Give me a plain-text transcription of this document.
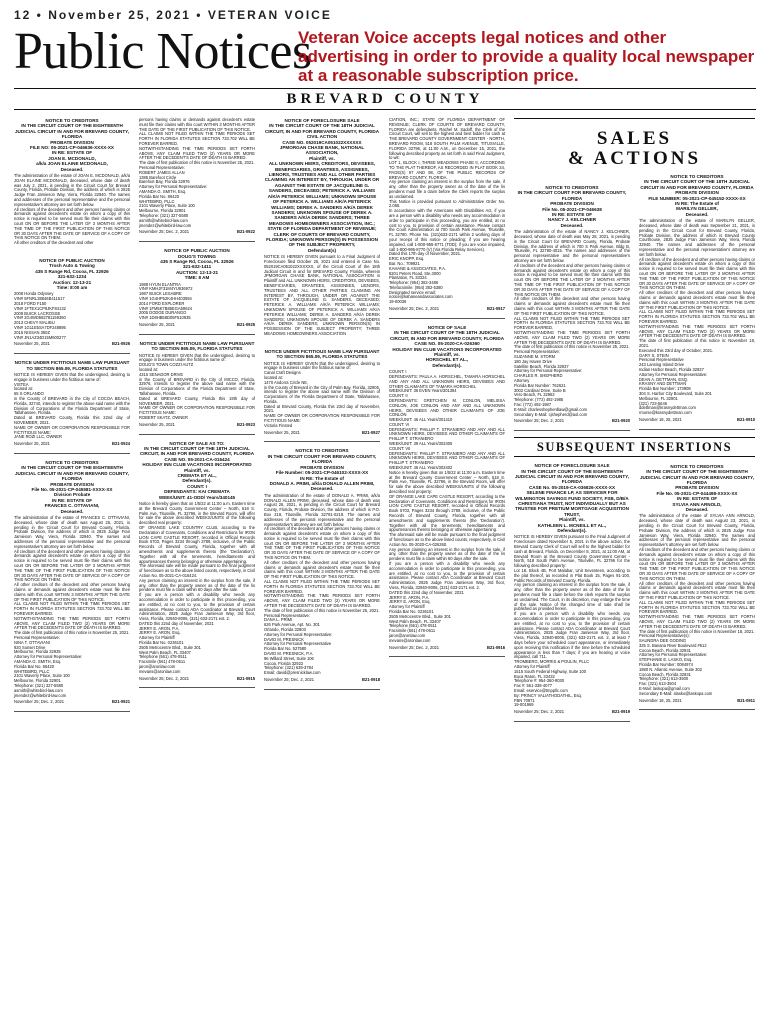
12 • November 25, 2021 • VETERAN VOICE
Public Notices
Veteran Voice accepts legal notices and other advertising in order to provide a quality local newspaper at a reasonable subscription price.
BREVARD COUNTY
NOTICE TO CREDITORS
IN THE CIRCUIT COURT OF THE EIGHTEENTH JUDICIAL CIRCUIT IN AND FOR BREVARD COUNTY, FLORIDA
PROBATE DIVISION
FILE NO: 05-2021-CP-046636-XXXX-XX
IN RE: ESTATE OF
JOAN E. MCDONALD,
a/k/a JOAN ELAINE MCDONALD,
Deceased.
The administration of the estate of JOAN E. MCDONALD, a/k/a JOAN ELAINE MCDONALD, deceased, whose date of death was July 2, 2021, is pending in the Circuit Court for Brevard County, Florida, Probate Division, the address of which is 2825 Judge Fran Jamieson Way, Viera, Florida 32940. The names and addresses of the personal representative and the personal representative's attorney are set forth below.
All creditors of the decedent and other persons having claims or demands against decedent's estate on whom a copy of this notice is required to be served must file their claims with this court ON OR BEFORE THE LATER OF 3 MONTHS AFTER THE TIME OF THE FIRST PUBLICATION OF THIS NOTICE OR 30 DAYS AFTER THE DATE OF SERVICE OF A COPY OF THIS NOTICE ON THEM.
All other creditors of the decedent and other
NOTICE OF PUBLIC AUCTION
Trosh Auto & Towing
435 S Range Rd, Cocoa, FL 32926
321-632-1234
Auction: 12-13-21
Time: 8:00 am
2008 Honda Odyssey
VIN# 5FNRL38846B411517
2018 FORD F150
VIN# 1FTEX1CP8JKF84132
2008 BUICK LACROSSE
VIN# 2G4WD582781159360
2013 CHEVY MALIBU
VIN# 1G11E5SA7DF248895
2015 NISSAN 350Z
VIN# JN1AZ34D15M600277
November 25, 2021	B21-0926
NOTICE UNDER FICTITIOUS NAME LAW PURSUANT TO SECTION 865.09, FLORIDA STATUTES
NOTICE IS HEREBY GIVEN that the undersigned, desiring to engage in business under the fictitious name of:
VISTEA
located at:
65 S ORLANDO
in the County of BREVARD in the City of COCOA BEACH, Florida, 32740, intends to register the above said name with the Division of Corporations of the Florida Department of State, Tallahassee, Florida.
Dated at BREVARD County, Florida this 22nd day of NOVEMBER, 2021.
NAME OF OWNER OR CORPORATION RESPONSIBLE FOR FICTITIOUS NAME:
JANE ROZI LLC, OWNER
November 25, 2021	B21-0924
NOTICE TO CREDITORS
IN THE CIRCUIT COURT OF THE EIGHTEENTH JUDICIAL CIRCUIT IN AND FOR BREVARD COUNTY, FLORIDA
PROBATE DIVISION
File No. 05-2021-CP-045581-XXXX-XX
Division Probate
IN RE: ESTATE OF
FRANCES C. OTTAVIANI,
Deceased.
The administration of the estate of FRANCES C. OTTAVIANI, deceased, whose date of death was August 25, 2021, is pending in the Circuit Court for Brevard County, Florida, Probate Division, the address of which is 2825 Judge Fran Jamieson Way, Viera, Florida 32940. The names and addresses of the personal representative and the personal representative's attorney are set forth below.
All creditors of the decedent and other persons having claims or demands against decedent's estate on whom a copy of this notice is required to be served must file their claims with this court ON OR BEFORE THE LATER OF 3 MONTHS AFTER THE TIME OF THE FIRST PUBLICATION OF THIS NOTICE OR 30 DAYS AFTER THE DATE OF SERVICE OF A COPY OF THIS NOTICE ON THEM.
All other creditors of the decedent and other persons having claims or demands against decedent's estate must file their claims with this court WITHIN 3 MONTHS AFTER THE DATE OF THE FIRST PUBLICATION OF THIS NOTICE.
ALL CLAIMS NOT FILED WITHIN THE TIME PERIODS SET FORTH IN FLORIDA STATUTES SECTION 733.702 WILL BE FOREVER BARRED.
NOTWITHSTANDING THE TIME PERIODS SET FORTH ABOVE, ANY CLAIM FILED TWO (2) YEARS OR MORE AFTER THE DECEDENT'S DATE OF DEATH IS BARRED.
The date of first publication of this notice is November 25, 2021.
Personal Representative:
NINA T. OTTAVIANI
920 Sunset Drive
Melbourne, Florida 32935
Attorney for Personal Representative:
AMANDA G. SMITH, Esq.
Florida Bar No. 86420
WHITEBIRD, PLLC
2101 Waverly Place, Suite 100
Melbourne, Florida 32901
Telephone: (321) 327-5580
asmith@whitebird-law.com
jmendez@whitebird-law.com
November 25; Dec. 2, 2021	B21-0921
persons having claims or demands against decedent's estate must file their claims with this court WITHIN 3 MONTHS AFTER THE DATE OF THE FIRST PUBLICATION OF THIS NOTICE.
ALL CLAIMS NOT FILED WITHIN THE TIME PERIODS SET FORTH IN FLORIDA STATUTES SECTION 733.702 WILL BE FOREVER BARRED.
NOTWITHSTANDING THE TIME PERIODS SET FORTH ABOVE, ANY CLAIM FILED TWO (2) YEARS OR MORE AFTER THE DECEDENT'S DATE OF DEATH IS BARRED.
The date of first publication of this notice is November 25, 2021.
Personal Representative:
ROBERT JAMES ALLAN
1385 Barefoot Circle
Barefoot Bay, Florida 32976
Attorney for Personal Representative:
AMANDA G. SMITH, Esq.
Florida Bar No. 86420
WHITEBIRD, PLLC
2101 Waverly Place, Suite 100
Melbourne, Florida 32901
Telephone: (321) 327-5580
asmith@whitebird-law.com
jmendez@whitebird-law.com
November 25; Dec. 2, 2021	B21-0922
NOTICE OF PUBLIC AUCTION
DOUG'S TOWING
435 S Range Rd, Cocoa, FL 32926
321-632-1411
AUCTION: 12-13-21
TIME: 8 AM
1988 HYUN ELANTRA
VIN# KMHJF31M4YU936972
1987 BUICK LESABRE
VIN# 1G4HP52K4HH403594
2014 FORD EXPLORER
VIN# 1FM5K7B85EGA59624
2005 DODGE DURANGO
VIN# 1D8HB58D05F510935
November 25, 2021	B21-0925
NOTICE UNDER FICTITIOUS NAME LAW PURSUANT TO SECTION 865.09, FLORIDA STATUTES
NOTICE IS HEREBY GIVEN that the undersigned, desiring to engage in business under the fictitious name of:
DOUG'S TOWN COZZI AUTZ
located at:
4315 SENADOR DRIVE
in the County of BREVARD in the City of MICCO, Florida, 32976, intends to register the above said name with the Division of Corporations of the Florida Department of State, Tallahassee, Florida.
Dated at BREVARD County, Florida this 19th day of NOVEMBER, 2021.
NAME OF OWNER OR CORPORATION RESPONSIBLE FOR FICTITIOUS NAME:
ROBERT SKATZ, OWNER
November 25, 2021	B21-0923
NOTICE OF SALE AS TO:
IN THE CIRCUIT COURT OF THE 18TH JUDICIAL CIRCUIT, IN AND FOR BREVARD COUNTY, FLORIDA
CASE NO. 05-2021-CA-016424
HOLIDAY INN CLUB VACATIONS INCORPORATED
Plaintiff, vs.
CREMATA ET AL.,
Defendant(s).
COUNT: I
DEFENDANTS: KAI CREMATA
WEEK/UNIT: 41-ODD/ Years/340145
Notice is hereby given that on 1/5/22 at 11:00 a.m. Eastern time at the Brevard County Government Center – North, 518 S. Palm Ave, Titusville, FL 32796, in the Brevard Room, will offer for sale the above described WEEKS/UNITS of the following described real property:
OF ORANGE LAKE COUNTRY CLUB, according to the Declaration of Covenants, Conditions and Restrictions for IRON LION CAPE CASTLE RESORT, recorded in Official Records Book 5703, Pages 3234 through 3789, inclusive, of the Public Records of Brevard County, Florida, together with all amendments and supplements thereto (the 'Declaration'). Together with all the tenements, hereditaments and appurtenances thereto belonging or otherwise appertaining.
The aforesaid sale will be made pursuant to the final judgment of foreclosure as to the above listed counts, respectively, in Civil Action No. 05-2021-CA-016424.
Any person claiming an interest in the surplus from the sale, if any, other than the property owner as of the date of the lis pendens must file a claim within 60 days after the sale.
If you are a person with a disability who needs any accommodation in order to participate in this proceeding, you are entitled, at no cost to you, to the provision of certain assistance. Please contact ADA Coordinator at Brevard Court Administration, 2825 Judge Fran Jamieson Way, 3rd floor, Viera, Florida, 32940-8006, (321) 633-2171 ext. 2.
DATED this 22nd day of November, 2021
JERRY E. ARON, P.A.
JERRY E. ARON, Esq.
Attorney for Plaintiff
Florida Bar No. 0236101
2505 Metrocentre Blvd., Suite 301
West Palm Beach, FL 33407
Telephone (561) 478-0511
Facsimile (561) 478-0611
jaron@aronlaw.com
mevans@aronlaw.com
November 25; Dec. 2, 2021	B21-0915
NOTICE OF FORECLOSURE SALE
IN THE CIRCUIT COURT OF THE 18TH JUDICIAL CIRCUIT, IN AND FOR BREVARD COUNTY, FLORIDA
CIVIL ACTION
CASE NO. 052019CA051022XXXXXX
JPMORGAN CHASE BANK, NATIONAL ASSOCIATION,
Plaintiff, vs.
ALL UNKNOWN HEIRS, CREDITORS, DEVISEES, BENEFICIARIES, GRANTEES, ASSIGNEES, LIENORS, TRUSTEES AND ALL OTHER PARTIES CLAIMING AN INTEREST BY, THROUGH, UNDER OR AGAINST THE ESTATE OF JACQUELINE G. SANDERS, DECEASED; PETERICK A. WILLIAMS A/K/A PETERICK WILLIAMS; UNKNOWN SPOUSE OF PETERICK A. WILLIAMS A/K/A PETERICK WILLIAMS; DEREK A. SANDERS A/K/A DEREK SANDERS; UNKNOWN SPOUSE OF DEREK A. SANDERS A/K/A DEREK SANDERS; THREE MEADOWS HOMEOWNERS ASSOCIATION, INC.; STATE OF FLORIDA DEPARTMENT OF REVENUE; CLERK OF COURTS OF BREVARD COUNTY, FLORIDA; UNKNOWN PERSON(S) IN POSSESSION OF THE SUBJECT PROPERTY,
Defendant(s)
NOTICE IS HEREBY GIVEN pursuant to a Final Judgment of Foreclosure filed October 25, 2021 and entered in Case No. 052019CA051022XXXXXX, of the Circuit Court of the 18th Judicial Circuit in and for BREVARD County, Florida, wherein JPMORGAN CHASE BANK, NATIONAL ASSOCIATION is Plaintiff and ALL UNKNOWN HEIRS, CREDITORS, DEVISEES, BENEFICIARIES, GRANTEES, ASSIGNEES, LIENORS, TRUSTEES AND ALL OTHER PARTIES CLAIMING AN INTEREST BY, THROUGH, UNDER OR AGAINST THE ESTATE OF JACQUELINE G. SANDERS, DECEASED; PETERICK A. WILLIAMS A/K/A PETERICK WILLIAMS; UNKNOWN SPOUSE OF PETERICK A. WILLIAMS A/K/A PETERICK WILLIAMS; DEREK A. SANDERS A/K/A DEREK SANDERS; UNKNOWN SPOUSE OF DEREK A. SANDERS A/K/A DEREK SANDERS; UNKNOWN PERSON(S) IN POSSESSION OF THE SUBJECT PROPERTY; THREE MEADOWS HOMEOWNERS ASSOCIATION
NOTICE UNDER FICTITIOUS NAME LAW PURSUANT TO SECTION 865.09, FLORIDA STATUTES
NOTICE IS HEREBY GIVEN that the undersigned, desiring to engage in business under the fictitious name of:
Canal Craft Designs
located at:
1470 Andorra Circle NE,
in the County of Brevard in the City of Palm Bay, Florida, 32905, intends to register the above said name with the Division of Corporations of the Florida Department of State, Tallahassee, Florida.
Dated at Brevard County, Florida this 23rd day of November, 2021.
NAME OF OWNER OR CORPORATION RESPONSIBLE FOR FICTITIOUS NAME:
Victoria Finsted
November 25, 2021	B21-0927
NOTICE TO CREDITORS
IN THE CIRCUIT COURT FOR BREVARD COUNTY, FLORIDA
PROBATE DIVISION
File Number: 05-2021-CP-046102-XXXX-XX
IN RE: The Estate of
DONALD A. PRIMI, a/k/a DONALD ALLEN PRIMI,
Deceased.
The administration of the estate of DONALD A. PRIMI, a/k/a DONALD ALLEN PRIMI, deceased, whose date of death was August 26, 2021, is pending in the Circuit Court for Brevard County, Florida, Probate Division, the address of which is P.O. Box 219, Titusville, Florida 32781-0219. The names and addresses of the personal representative and the personal representative's attorney are set forth below.
All creditors of the decedent and other persons having claims or demands against decedent's estate on whom a copy of this notice is required to be served must file their claims with this court ON OR BEFORE THE LATER OF 3 MONTHS AFTER THE TIME OF THE FIRST PUBLICATION OF THIS NOTICE OR 30 DAYS AFTER THE DATE OF SERVICE OF A COPY OF THIS NOTICE ON THEM.
All other creditors of the decedent and other persons having claims or demands against decedent's estate must file their claims with this court WITHIN 3 MONTHS AFTER THE DATE OF THE FIRST PUBLICATION OF THIS NOTICE.
ALL CLAIMS NOT FILED WITHIN THE TIME PERIODS SET FORTH IN FLORIDA STATUTES SECTION 733.702 WILL BE FOREVER BARRED.
NOTWITHSTANDING THE TIME PERIODS SET FORTH ABOVE, ANY CLAIM FILED TWO (2) YEARS OR MORE AFTER THE DECEDENT'S DATE OF DEATH IS BARRED.
The date of first publication of this notice is November 25, 2021.
Personal Representative:
DANA L. PRIMI
626 Park Avenue, Apt. No. 301
Orlando, Florida 32803
Attorney for Personal Representative:
DAVID M. PRESNICK
Attorney for Personal Representative
Florida Bar No. 527580
DAVID M. PRESNICK, P.A.
96 Willard Street, Suite 106
Cocoa, Florida 32922
Telephone: (321) 639-3784
Email: david@presnicklaw.com
November 25; Dec. 2, 2021	B21-0918
CIATION, INC.; STATE OF FLORIDA DEPARTMENT OF REVENUE; CLERK OF COURTS OF BREVARD COUNTY, FLORIDA are defendants. Rachel M. Sadoff, the Clerk of the Circuit Court, will sell to the highest and best bidder for cash at THE BREVARD COUNTY GOVERNMENT CENTER - NORTH, BREVARD ROOM, 518 SOUTH PALM AVENUE, TITUSVILLE, FLORIDA 32796, at 11:00 A.M., on December 15, 2021, the following described property as set forth in said Final Judgment, to wit:
LOT 1, BLOCK I, THREE MEADOWS PHASE II, ACCORDING TO THE PLAT THEREOF, AS RECORDED IN PLAT BOOK 34, PAGE(S) 97 AND 98, OF THE PUBLIC RECORDS OF BREVARD COUNTY, FLORIDA.
Any person claiming an interest in the surplus from the sale, if any, other than the property owner as of the date of the lis pendens must file a claim before the Clerk reports the surplus as unclaimed.
This Notice is provided pursuant to Administrative Order No. 2.065.
In accordance with the Americans with Disabilities Act, if you are a person with a disability who needs any accommodation in order to participate in this proceeding, you are entitled, at no cost to you, to provision of certain assistance. Please contact the Court Administration at 700 South Park Avenue, Titusville, FL 32780. Phone No. (321)633-2171 within 2 working days of your receipt of this notice or pleading; if you are hearing impaired, call 1-800-955-8771 (TDD); if you are voice impaired, call 1-800-995-8770 (V) (Via Florida Relay Services).
Dated this 17th day of November, 2021.
ERIC KNOPP, Esq.
Bar. No.: 709921
KAHANE & ASSOCIATES, P.A.
8201 Peters Road, Ste.3000
Plantation, FL 33324
Telephone: (954) 382-3486
Telefacsimile: (954) 382-5380
Designated service email:
notice@kahaneandassociates.com
19-00036
November 25; Dec. 2, 2021	B21-0917
NOTICE OF SALE
IN THE CIRCUIT COURT OF THE 18TH JUDICIAL CIRCUIT, IN AND FOR BREVARD COUNTY, FLORIDA
CASE NO. 05-2020-CA-026360
HOLIDAY INN CLUB VACATIONS INCORPORATED
Plaintiff, vs.
HORSCHEL ET AL.,
Defendant(s).
COUNT: I
DEFENDANTS: PAULA A. HORSCHEL, TAMARA HORSCHEL AND ANY AND ALL UNKNOWN HEIRS, DEVISEES AND OTHER CLAIMANTS OF TAMARA HORSCHEL
WEEK/UNIT: 36 EVEN Years/301384
COUNT: II
DEFENDANTS: GRETCHEN M. CONLON, MELISSA CONLON, JOE CONLON AND ANY AND ALL UNKNOWN HEIRS, DEVISEES AND OTHER CLAIMANTS OF JOE CONLON
WEEK/UNIT: 46 ALL Years/301410
COUNT: VI
DEFENDANTS: PHILLIP T. STRANIERO AND ANY AND ALL UNKNOWN HEIRS, DEVISEES AND OTHER CLAIMANTS OF PHILLIP T. STRANIERO
WEEK/UNIT: 39 ALL Years/302405
COUNT: VII
DEFENDANTS: PHILLIP T. STRANIERO AND ANY AND ALL UNKNOWN HEIRS, DEVISEES AND OTHER CLAIMANTS OF PHILLIP T. STRANIERO
WEEK/UNIT: 46 ALL Years/302402
Notice is hereby given that on 1/5/22 at 11:00 a.m. Eastern time at the Brevard County Government Center – North, 518 S. Palm Ave, Titusville, FL 32796, in the Brevard Room, will offer for sale the above described WEEKS/UNITS of the following described real property:
OF ORANGE LAKE CAPE CASTLE RESORT, according to the Declaration of Covenants, Conditions and Restrictions for IRON LION CAPE CASTLE RESORT, recorded in Official Records Book 5703, Pages 3234 through 3789, inclusive, of the Public Records of Brevard County, Florida, together with all amendments and supplements thereto (the 'Declaration'). Together with all the tenements, hereditaments and appurtenances thereto belonging or otherwise appertaining.
The aforesaid sale will be made pursuant to the final judgment of foreclosure as to the above listed counts, respectively, in Civil Action No. 05-2020-CA-026360.
Any person claiming an interest in the surplus from the sale, if any, other than the property owner as of the date of the lis pendens must file a claim within 60 days after the sale.
If you are a person with a disability who needs any accommodation in order to participate in this proceeding, you are entitled, at no cost to you, to the provision of certain assistance. Please contact ADA Coordinator at Brevard Court Administration, 2825 Judge Fran Jamieson Way, 3rd floor, Viera, Florida, 32940-8006, (321) 633-2171 ext. 2.
DATED this 22nd day of November, 2021
JERRY E. ARON, P.A.
JERRY E. ARON, Esq.
Attorney for Plaintiff
Florida Bar No. 0236101
2505 Metrocentre Blvd., Suite 301
West Palm Beach, FL 33407
Telephone (561) 478-0511
Facsimile (561) 478-0611
jaron@aronlaw.com
mevans@aronlaw.com
November 25; Dec. 2, 2021	B21-0916
SALES
& ACTIONS
NOTICE TO CREDITORS
IN THE CIRCUIT COURT FOR BREVARD COUNTY, FLORIDA
PROBATE DIVISION
File No. 05-2021-CP-046638
IN RE: ESTATE OF
NANCY J. KELCHNER
Deceased.
The administration of the estate of NANCY J. KELCHNER, deceased, whose date of death was May 28, 2021, is pending in the Circuit Court for BREVARD County, Florida, Probate Division, the address of which is 700 S Park Avenue, Bldg B, Titusville, FL 32780-4015. The names and addresses of the personal representative and the personal representative's attorney are set forth below.
All creditors of the decedent and other persons having claims or demands against decedent's estate on whom a copy of this notice is required to be served must file their claims with this court ON OR BEFORE THE LATER OF 3 MONTHS AFTER THE TIME OF THE FIRST PUBLICATION OF THIS NOTICE OR 30 DAYS AFTER THE DATE OF SERVICE OF A COPY OF THIS NOTICE ON THEM.
All other creditors of the decedent and other persons having claims or demands against decedent's estate must file their claims with this court WITHIN 3 MONTHS AFTER THE DATE OF THE FIRST PUBLICATION OF THIS NOTICE.
ALL CLAIMS NOT FILED WITHIN THE TIME PERIODS SET FORTH IN FLORIDA STATUTES SECTION 733.702 WILL BE FOREVER BARRED.
NOTWITHSTANDING THE TIME PERIODS SET FORTH ABOVE, ANY CLAIM FILED TWO (2) YEARS OR MORE AFTER THE DECEDENT'S DATE OF DEATH IS BARRED.
The date of first publication of this notice is November 25, 2021.
Personal Representative:
SUZANNE M. STORM
180 Jay Haven Drive
Satellite Beach, Florida 32937
Attorney for Personal Representative:
CHARLES R. SHEPHERD
Attorney
Florida Bar Number: 762621
3002 Cardinal Drive, Suite B
Vero Beach, FL 32963
Telephone: (772) 492-1985
Fax: (772) 492-1987
E-Mail: charlesshepherdlaw@gmail.com
Secondary E-Mail: cjshepherd@aol.com
November 25; Dec. 2, 2021	B21-0920
SUBSEQUENT INSERTIONS
NOTICE OF FORECLOSURE SALE
IN THE CIRCUIT COURT OF THE EIGHTEENTH JUDICIAL CIRCUIT IN AND FOR BREVARD COUNTY, FLORIDA
CASE No. 05-2019-CA-036826-XXXX-XX
SELENE FINANCE LP, AS SERVICER FOR WILMINGTON SAVINGS FUND SOCIETY, FSB, D/B/A CHRISTIANA TRUST, NOT INDIVIDUALLY BUT AS TRUSTEE FOR PRETIUM MORTGAGE ACQUISITION TRUST,
Plaintiff, vs.
KATHLEEN L. MCNEILL ET AL.,
Defendant(s).
NOTICE IS HEREBY GIVEN pursuant to the Final Judgment of Foreclosure dated November 5, 2021 in the above action, the Brevard County Clerk of Court will sell to the highest bidder for cash at Brevard, Florida, on December 8, 2021, at 11:00 AM, at Brevard Room at the Brevard County Government Center - North, 518 South Palm Avenue, Titusville, FL 32796 for the following described property:
Lot 18, Block 4B, Port Malabar, Unit Seventeen, according to the plat thereof, as recorded in Plat Book 15, Pages 91-100, Public Records of Brevard County, Florida.
Any person claiming an interest in the surplus from the sale, if any, other than the property owner as of the date of the lis pendens must file a claim before the clerk reports the surplus as unclaimed. The Court, in its discretion, may enlarge the time of the sale. Notice of the changed time of sale shall be published as provided herein.
If you are a person with a disability who needs any accommodation in order to participate in this proceeding, you are entitled, at no cost to you, to the provision of certain assistance. Please contact ADA Coordinator at Brevard Court Administration, 2825 Judge Fran Jamieson Way, 3rd floor, Viera, Florida, 32940-8006, (321) 633-2171 ext. 2, at least 7 days before your scheduled court appearance, or immediately upon receiving this notification if the time before the scheduled appearance is less than 7 days; if you are hearing or voice impaired, call 711.
TROMBERG, MORRIS & POULIN, PLLC
Attorney for Plaintiff
1515 South Federal Highway, Suite 100
Boca Raton, FL 33432
Telephone #: 954-360-9030
Fax #: 561-338-4077
Email: eservice@tmppllc.com
By: PRINCY VALIATHODATHIL, Esq.
FBN 70971
19-001969
November 25; Dec. 2, 2021	B21-0919
NOTICE TO CREDITORS
IN THE CIRCUIT COURT OF THE 18TH JUDICIAL CIRCUIT IN AND FOR BREVARD COUNTY, FLORIDA
PROBATE DIVISION
FILE NUMBER: 05-2021-CP-045152-XXXX-XX
IN RE: The Estate of
MARILYN GELLER,
Deceased.
The administration of the estate of MARILYN GELLER, deceased, whose date of death was September 21, 2021, is pending in the Circuit Court for Brevard County, Florida, Probate Division, the address of which is Brevard County Courthouse, 2825 Judge Fran Jamieson Way, Viera, Florida 32940. The names and addresses of the personal representative and the personal representative's attorney are set forth below.
All creditors of the decedent and other persons having claims or demands against decedent's estate on whom a copy of this notice is required to be served must file their claims with this court ON OR BEFORE THE LATER OF 3 MONTHS AFTER THE TIME OF THE FIRST PUBLICATION OF THIS NOTICE OR 30 DAYS AFTER THE DATE OF SERVICE OF A COPY OF THIS NOTICE ON THEM.
All other creditors of the decedent and other persons having claims or demands against decedent's estate must file their claims with this court WITHIN 3 MONTHS AFTER THE DATE OF THE FIRST PUBLICATION OF THIS NOTICE.
ALL CLAIMS NOT FILED WITHIN THE TIME PERIODS SET FORTH IN FLORIDA STATUTES SECTION 733.702 WILL BE FOREVER BARRED.
NOTWITHSTANDING THE TIME PERIODS SET FORTH ABOVE, ANY CLAIM FILED TWO (2) YEARS OR MORE AFTER THE DECEDENT'S DATE OF DEATH IS BARRED.
The date of first publication of this notice is: November 18, 2021.
Executed this 23rd day of October, 2021.
GARY S. STEIN
Personal Representative
243 Lansing Island Drive
Indian Harbor Beach, Florida 32937
Attorney for Personal Representative:
DEAN A. DETTMAN, ESQ.
KRASNY AND DETTMAN
Florida Bar Number: 173908
304 S. Harbor City Boulevard, Suite 201
Melbourne, FL 32901
(321) 723-5646
ddettman@krasnydettman.com
rmorse@krasnydettman.com
November 18, 25, 2021	B21-0910
NOTICE TO CREDITORS
IN THE CIRCUIT COURT OF THE EIGHTEENTH JUDICIAL CIRCUIT IN AND FOR BREVARD COUNTY, FLORIDA
PROBATE DIVISION
File No. 05-2021-CP-044498-XXXX-XX
IN RE: ESTATE OF
SYLVIA ANN ARNOLD,
Deceased.
The administration of the estate of SYLVIA ANN ARNOLD, deceased, whose date of death was August 23, 2021, is pending in the Circuit Court for Brevard County, Florida, Probate Division, the address of which is 2825 Judge Fran Jamieson Way, Viera, Florida 32940. The names and addresses of the personal representative and the personal representative's attorney are set forth below.
All creditors of the decedent and other persons having claims or demands against decedent's estate on whom a copy of this notice is required to be served must file their claims with this court ON OR BEFORE THE LATER OF 3 MONTHS AFTER THE TIME OF THE FIRST PUBLICATION OF THIS NOTICE OR 30 DAYS AFTER THE DATE OF SERVICE OF A COPY OF THIS NOTICE ON THEM.
All other creditors of the decedent and other persons having claims or demands against decedent's estate must file their claims with this court WITHIN 3 MONTHS AFTER THE DATE OF THE FIRST PUBLICATION OF THIS NOTICE.
ALL CLAIMS NOT FILED WITHIN THE TIME PERIODS SET FORTH IN FLORIDA STATUTES SECTION 733.702 WILL BE FOREVER BARRED.
NOTWITHSTANDING THE TIME PERIODS SET FORTH ABOVE, ANY CLAIM FILED TWO (2) YEARS OR MORE AFTER THE DECEDENT'S DATE OF DEATH IS BARRED.
The date of first publication of this notice is November 18, 2021.
Personal Representative(s):
SAUNDRA DEE GODING
325 S. Banana River Boulevard #512
Cocoa Beach, Florida 32931
Attorney for Personal Representative:
STEPHANIE E. LASKO, Esq.
Florida Bar Number: 0084974
1980 N. Atlantic Avenue, Suite 302
Cocoa Beach, Florida 32931
Telephone: (321) 613-3500
Fax: (321) 613-3504
E-Mail: laskopa@gmail.com
Secondary E-Mail: slasko@laskopa.com
November 18, 25, 2021	B21-0911
